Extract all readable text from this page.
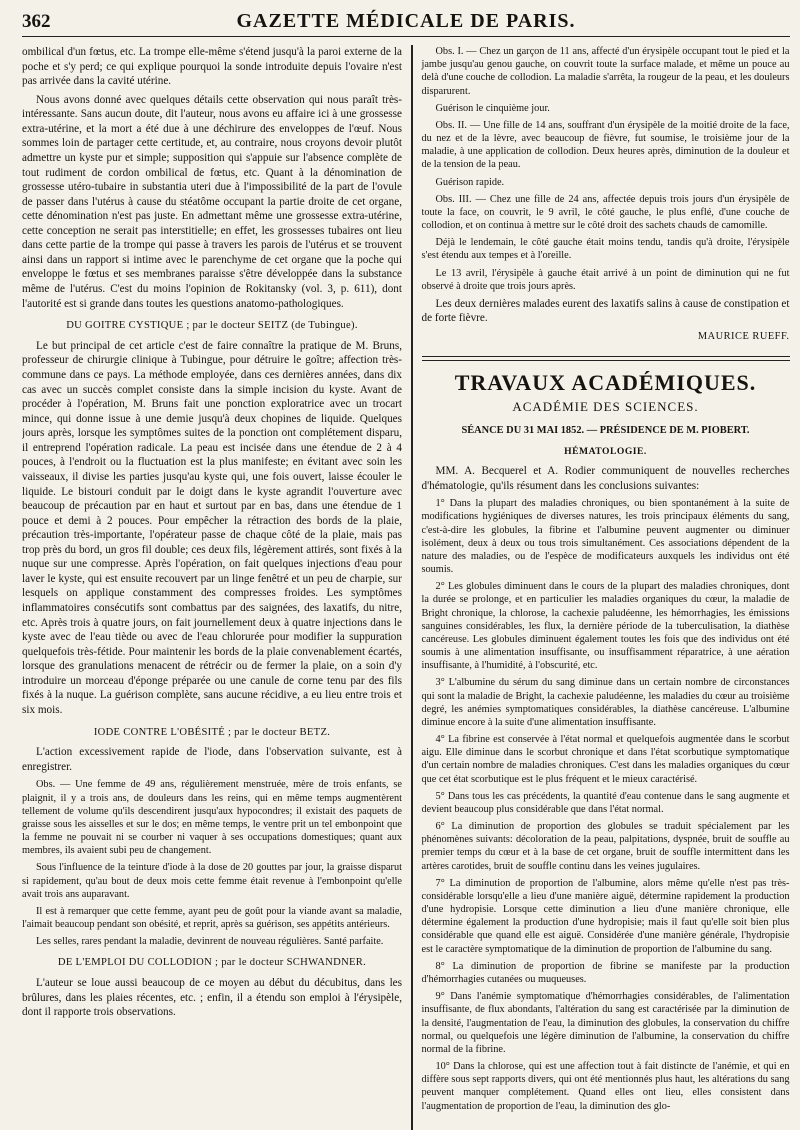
362	GAZETTE MÉDICALE DE PARIS.

ombilical d'un fœtus, etc. La trompe elle-même s'étend jusqu'à la paroi externe de la poche et s'y perd; ce qui explique pourquoi la sonde introduite depuis l'ovaire n'est pas arrivée dans la cavité utérine.

Nous avons donné avec quelques détails cette observation qui nous paraît très-intéressante. Sans aucun doute, dit l'auteur, nous avons eu affaire ici à une grossesse extra-utérine, et la mort a été due à une déchirure des enveloppes de l'œuf. Nous sommes loin de partager cette certitude, et, au contraire, nous croyons devoir plutôt admettre un kyste pur et simple; supposition qui s'appuie sur l'absence complète de tout rudiment de cordon ombilical de fœtus, etc. Quant à la dénomination de grossesse utéro-tubaire in substantia uteri due à l'impossibilité de la part de l'ovule de passer dans l'utérus à cause du stéatôme occupant la partie droite de cet organe, cette dénomination n'est pas juste. En admettant même une grossesse extra-utérine, cette conception ne serait pas interstitielle; en effet, les grossesses tubaires ont lieu dans cette partie de la trompe qui passe à travers les parois de l'utérus et se trouvent ainsi dans un rapport si intime avec le parenchyme de cet organe que la poche qui enveloppe le fœtus et ses membranes paraisse s'être développée dans la substance même de l'utérus. C'est du moins l'opinion de Rokitansky (vol. 3, p. 611), dont l'autorité est si grande dans toutes les questions anatomo-pathologiques.

DU GOITRE CYSTIQUE ; par le docteur SEITZ (de Tubingue).

Le but principal de cet article c'est de faire connaître la pratique de M. Bruns, professeur de chirurgie clinique à Tubingue, pour détruire le goître; affection très-commune dans ce pays. La méthode employée, dans ces dernières années, dans dix cas avec un succès complet consiste dans la simple incision du kyste. Avant de procéder à l'opération, M. Bruns fait une ponction exploratrice avec un trocart mince, qui donne issue à une demie jusqu'à deux chopines de liquide. Quelques jours après, lorsque les symptômes suites de la ponction ont complétement disparu, il entreprend l'opération radicale. La peau est incisée dans une étendue de 2 à 4 pouces, à l'endroit ou la fluctuation est la plus manifeste; en évitant avec soin les vaisseaux, il divise les parties jusqu'au kyste qui, une fois ouvert, laisse écouler le liquide. Le bistouri conduit par le doigt dans le kyste agrandit l'ouverture avec beaucoup de précaution par en haut et surtout par en bas, dans une étendue de 1 pouce et demi à 2 pouces. Pour empêcher la rétraction des bords de la plaie, précaution très-importante, l'opérateur passe de chaque côté de la plaie, mais pas trop près du bord, un gros fil double; ces deux fils, légèrement attirés, sont fixés à la nuque sur une compresse. Après l'opération, on fait quelques injections d'eau pour laver le kyste, qui est ensuite recouvert par un linge fenêtré et un peu de charpie, sur lesquels on applique constamment des compresses froides. Les symptômes inflammatoires consécutifs sont combattus par des saignées, des laxatifs, du nitre, etc. Après trois à quatre jours, on fait journellement deux à quatre injections dans le kyste avec de l'eau tiède ou avec de l'eau chlorurée pour modifier la suppuration quelquefois très-fétide. Pour maintenir les bords de la plaie convenablement écartés, lorsque des granulations menacent de rétrécir ou de fermer la plaie, on a soin d'y introduire un morceau d'éponge préparée ou une canule de corne tenu par des fils fixés à la nuque. La guérison complète, sans aucune récidive, a eu lieu entre trois et six mois.

IODE CONTRE L'OBÉSITÉ ; par le docteur BETZ.

L'action excessivement rapide de l'iode, dans l'observation suivante, est à enregistrer.

Obs. — Une femme de 49 ans, régulièrement menstruée, mère de trois enfants, se plaignit, il y a trois ans, de douleurs dans les reins, qui en même temps augmentèrent tellement de volume qu'ils descendirent jusqu'aux hypocondres; il existait des paquets de graisse sous les aisselles et sur le dos; en même temps, le ventre prit un tel embonpoint que la femme ne pouvait ni se courber ni vaquer à ses occupations domestiques; quant aux membres, ils avaient subi peu de changement.

Sous l'influence de la teinture d'iode à la dose de 20 gouttes par jour, la graisse disparut si rapidement, qu'au bout de deux mois cette femme était revenue à l'embonpoint qu'elle avait trois ans auparavant.

Il est à remarquer que cette femme, ayant peu de goût pour la viande avant sa maladie, l'aimait beaucoup pendant son obésité, et reprit, après sa guérison, ses appétits antérieurs.

Les selles, rares pendant la maladie, devinrent de nouveau régulières. Santé parfaite.

DE L'EMPLOI DU COLLODION ; par le docteur SCHWANDNER.

L'auteur se loue aussi beaucoup de ce moyen au début du décubitus, dans les brûlures, dans les plaies récentes, etc. ; enfin, il a étendu son emploi à l'érysipèle, dont il rapporte trois observations.

Obs. I. — Chez un garçon de 11 ans, affecté d'un érysipèle occupant tout le pied et la jambe jusqu'au genou gauche, on couvrit toute la surface malade, et même un pouce au delà d'une couche de collodion. La maladie s'arrêta, la rougeur de la peau, et les douleurs disparurent.

Guérison le cinquième jour.

Obs. II. — Une fille de 14 ans, souffrant d'un érysipèle de la moitié droite de la face, du nez et de la lèvre, avec beaucoup de fièvre, fut soumise, le troisième jour de la maladie, à une application de collodion. Deux heures après, diminution de la douleur et de la tension de la peau.

Guérison rapide.

Obs. III. — Chez une fille de 24 ans, affectée depuis trois jours d'un érysipèle de toute la face, on couvrit, le 9 avril, le côté gauche, le plus enflé, d'une couche de collodion, et on continua à mettre sur le côté droit des sachets chauds de camomille.

Déjà le lendemain, le côté gauche était moins tendu, tandis qu'à droite, l'érysipèle s'est étendu aux tempes et à l'oreille.

Le 13 avril, l'érysipèle à gauche était arrivé à un point de diminution qui ne fut observé à droite que trois jours après.

Les deux dernières malades eurent des laxatifs salins à cause de constipation et de forte fièvre.

MAURICE RUEFF.
TRAVAUX ACADÉMIQUES.
ACADÉMIE DES SCIENCES.
SÉANCE DU 31 MAI 1852. — PRÉSIDENCE DE M. PIOBERT.
HÉMATOLOGIE.

MM. A. Becquerel et A. Rodier communiquent de nouvelles recherches d'hématologie, qu'ils résument dans les conclusions suivantes:

1° Dans la plupart des maladies chroniques, ou bien spontanément à la suite de modifications hygiéniques de diverses natures, les trois principaux éléments du sang, c'est-à-dire les globules, la fibrine et l'albumine peuvent augmenter ou diminuer isolément, deux à deux ou tous trois simultanément. Ces associations dépendent de la nature des maladies, ou de l'espèce de modificateurs auxquels les individus ont été soumis.

2° Les globules diminuent dans le cours de la plupart des maladies chroniques, dont la durée se prolonge, et en particulier les maladies organiques du cœur, la maladie de Bright chronique, la chlorose, la cachexie paludéenne, les hémorrhagies, les émissions sanguines considérables, les flux, la dernière période de la tuberculisation, la diathèse cancéreuse. Les globules diminuent également toutes les fois que des individus ont été soumis à une alimentation insuffisante, ou insuffisamment réparatrice, à une aération insuffisante, à l'humidité, à l'obscurité, etc.

3° L'albumine du sérum du sang diminue dans un certain nombre de circonstances qui sont la maladie de Bright, la cachexie paludéenne, les maladies du cœur au troisième degré, les anémies symptomatiques considérables, la diathèse cancéreuse. L'albumine diminue encore à la suite d'une alimentation insuffisante.

4° La fibrine est conservée à l'état normal et quelquefois augmentée dans le scorbut aigu. Elle diminue dans le scorbut chronique et dans l'état scorbutique symptomatique d'un certain nombre de maladies chroniques. C'est dans les maladies organiques du cœur que cet état scorbutique est le plus fréquent et le mieux caractérisé.

5° Dans tous les cas précédents, la quantité d'eau contenue dans le sang augmente et devient beaucoup plus considérable que dans l'état normal.

6° La diminution de proportion des globules se traduit spécialement par les phénomènes suivants: décoloration de la peau, palpitations, dyspnée, bruit de souffle au premier temps du cœur et à la base de cet organe, bruit de souffle intermittent dans les artères carotides, bruit de souffle continu dans les veines jugulaires.

7° La diminution de proportion de l'albumine, alors même qu'elle n'est pas très-considérable lorsqu'elle a lieu d'une manière aiguë, détermine rapidement la production d'une hydropisie. Lorsque cette diminution a lieu d'une manière chronique, elle détermine également la production d'une hydropisie; mais il faut qu'elle soit bien plus considérable que quand elle est aiguë. Considérée d'une manière générale, l'hydropisie est le caractère symptomatique de la diminution de proportion de l'albumine du sang.

8° La diminution de proportion de fibrine se manifeste par la production d'hémorrhagies cutanées ou muqueuses.

9° Dans l'anémie symptomatique d'hémorrhagies considérables, de l'alimentation insuffisante, de flux abondants, l'altération du sang est caractérisée par la diminution de la densité, l'augmentation de l'eau, la diminution des globules, la conservation du chiffre normal, ou quelquefois une légère diminution de l'albumine, la conservation du chiffre normal de la fibrine.

10° Dans la chlorose, qui est une affection tout à fait distincte de l'anémie, et qui en diffère sous sept rapports divers, qui ont été mentionnés plus haut, les altérations du sang peuvent manquer complétement. Quand elles ont lieu, elles consistent dans l'augmentation de proportion de l'eau, la diminution des glo-
